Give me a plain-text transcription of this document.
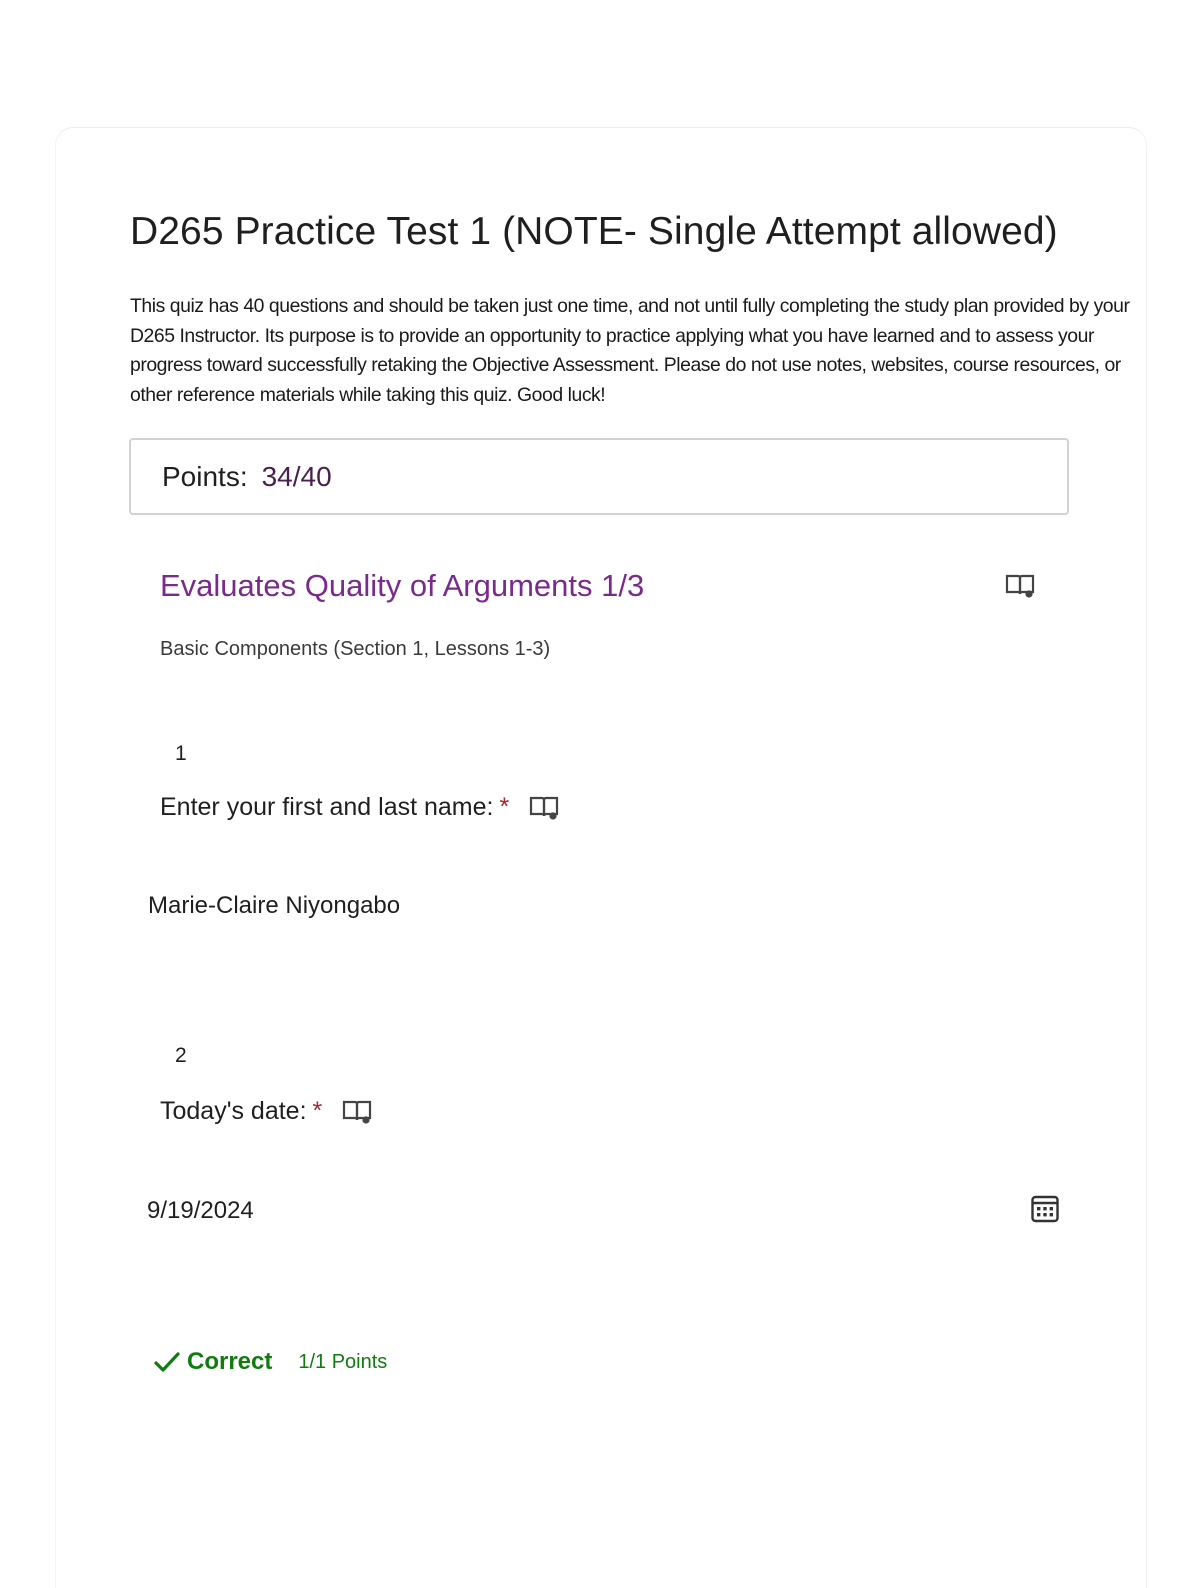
D265 Practice Test 1 (NOTE- Single Attempt allowed)

This quiz has 40 questions and should be taken just one time, and not until fully completing the study plan provided by your D265 Instructor. Its purpose is to provide an opportunity to practice applying what you have learned and to assess your progress toward successfully retaking the Objective Assessment. Please do not use notes, websites, course resources, or other reference materials while taking this quiz. Good luck!

Points: 34/40
Evaluates Quality of Arguments 1/3
Basic Components (Section 1, Lessons 1-3)
1
Enter your first and last name: *
Marie-Claire Niyongabo
2
Today's date: *
9/19/2024
Correct 1/1 Points
